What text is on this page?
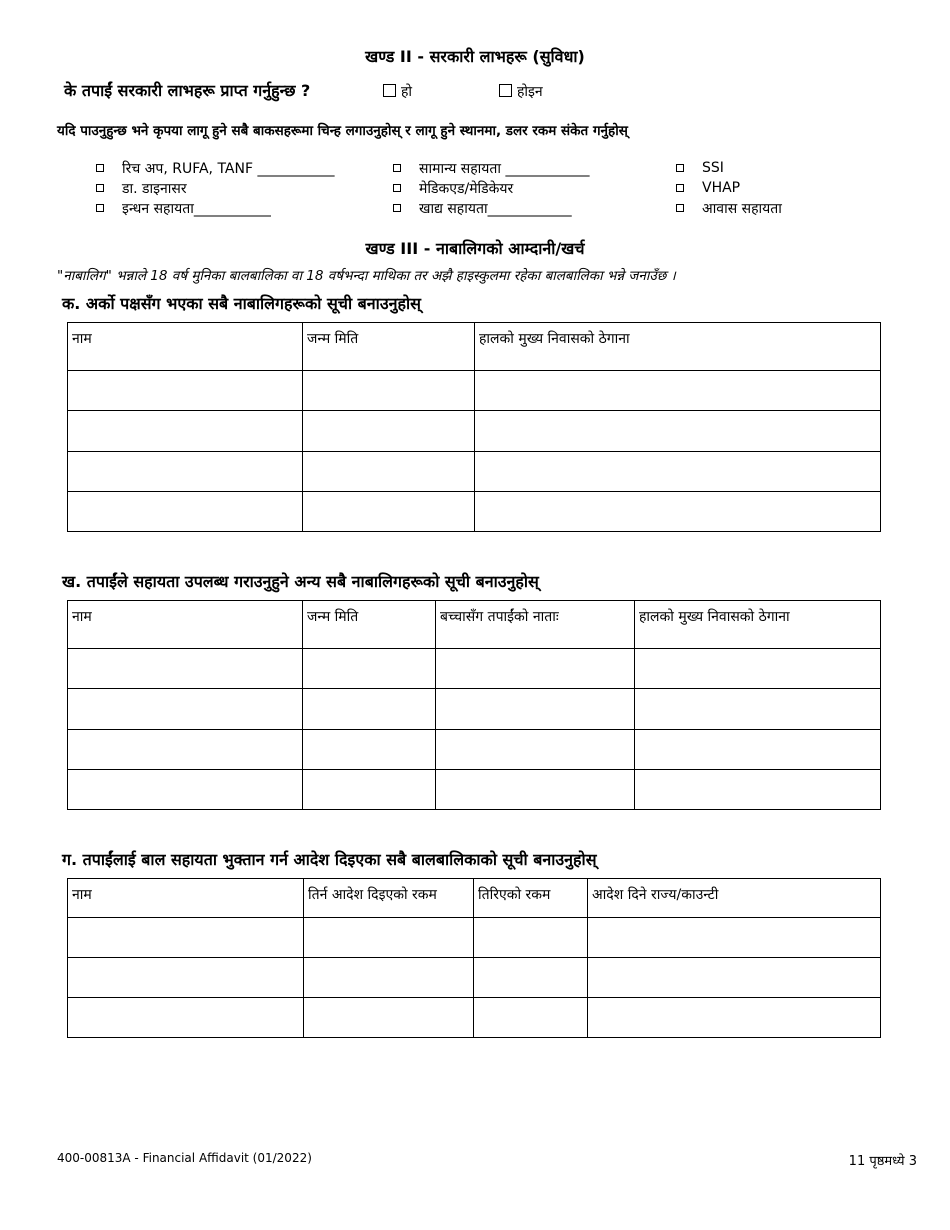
खण्ड II - सरकारी लाभहरू (सुविधा)
के तपाईं सरकारी लाभहरू प्राप्त गर्नुहुन्छ ?	हो	होइन
यदि पाउनुहुन्छ भने कृपया लागू हुने सबै बाकसहरूमा चिन्ह लगाउनुहोस् र लागू हुने स्थानमा, डलर रकम संकेत गर्नुहोस्
रिच अप, RUFA, TANF ___________
डा. डाइनासर
इन्धन सहायता___________
सामान्य सहायता ____________
मेडिकएड/मेडिकेयर
खाद्य सहायता____________
SSI
VHAP
आवास सहायता
खण्ड III - नाबालिगको आम्दानी/खर्च
"नाबालिग" भन्नाले 18 वर्ष मुनिका बालबालिका वा 18 वर्षभन्दा माथिका तर अझै हाइस्कुलमा रहेका बालबालिका भन्ने जनाउँछ ।
क. अर्को पक्षसँग भएका सबै नाबालिगहरूको सूची बनाउनुहोस्
नाम	जन्म मिति	हालको मुख्य निवासको ठेगाना

ख. तपाईंले सहायता उपलब्ध गराउनुहुने अन्य सबै नाबालिगहरूको सूची बनाउनुहोस्
नाम	जन्म मिति	बच्चासँग तपाईंको नाताः	हालको मुख्य निवासको ठेगाना

ग. तपाईंलाई बाल सहायता भुक्तान गर्न आदेश दिइएका सबै बालबालिकाको सूची बनाउनुहोस्
नाम	तिर्न आदेश दिइएको रकम	तिरिएको रकम	आदेश दिने राज्य/काउन्टी

400-00813A - Financial Affidavit (01/2022)	11 पृष्ठमध्ये 3
